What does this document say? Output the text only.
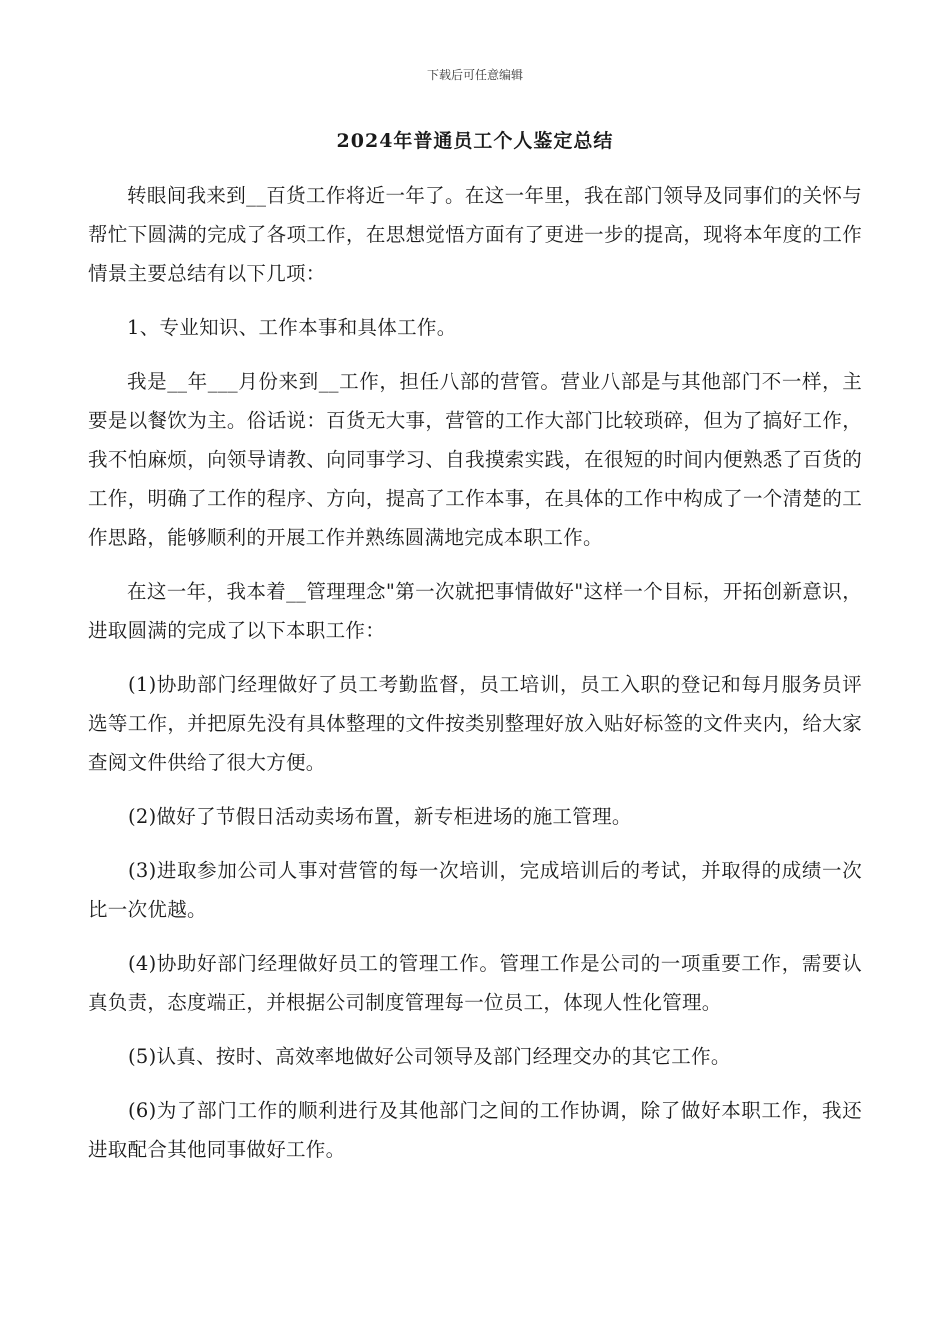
下载后可任意编辑
2024年普通员工个人鉴定总结

转眼间我来到__百货工作将近一年了。在这一年里，我在部门领导及同事们的关怀与帮忙下圆满的完成了各项工作，在思想觉悟方面有了更进一步的提高，现将本年度的工作情景主要总结有以下几项：

1、专业知识、工作本事和具体工作。

我是__年___月份来到__工作，担任八部的营管。营业八部是与其他部门不一样，主要是以餐饮为主。俗话说：百货无大事，营管的工作大部门比较琐碎，但为了搞好工作，我不怕麻烦，向领导请教、向同事学习、自我摸索实践，在很短的时间内便熟悉了百货的工作，明确了工作的程序、方向，提高了工作本事，在具体的工作中构成了一个清楚的工作思路，能够顺利的开展工作并熟练圆满地完成本职工作。

在这一年，我本着__管理理念"第一次就把事情做好"这样一个目标，开拓创新意识，进取圆满的完成了以下本职工作：

(1)协助部门经理做好了员工考勤监督，员工培训，员工入职的登记和每月服务员评选等工作，并把原先没有具体整理的文件按类别整理好放入贴好标签的文件夹内，给大家查阅文件供给了很大方便。

(2)做好了节假日活动卖场布置，新专柜进场的施工管理。

(3)进取参加公司人事对营管的每一次培训，完成培训后的考试，并取得的成绩一次比一次优越。

(4)协助好部门经理做好员工的管理工作。管理工作是公司的一项重要工作，需要认真负责，态度端正，并根据公司制度管理每一位员工，体现人性化管理。

(5)认真、按时、高效率地做好公司领导及部门经理交办的其它工作。

(6)为了部门工作的顺利进行及其他部门之间的工作协调，除了做好本职工作，我还进取配合其他同事做好工作。
